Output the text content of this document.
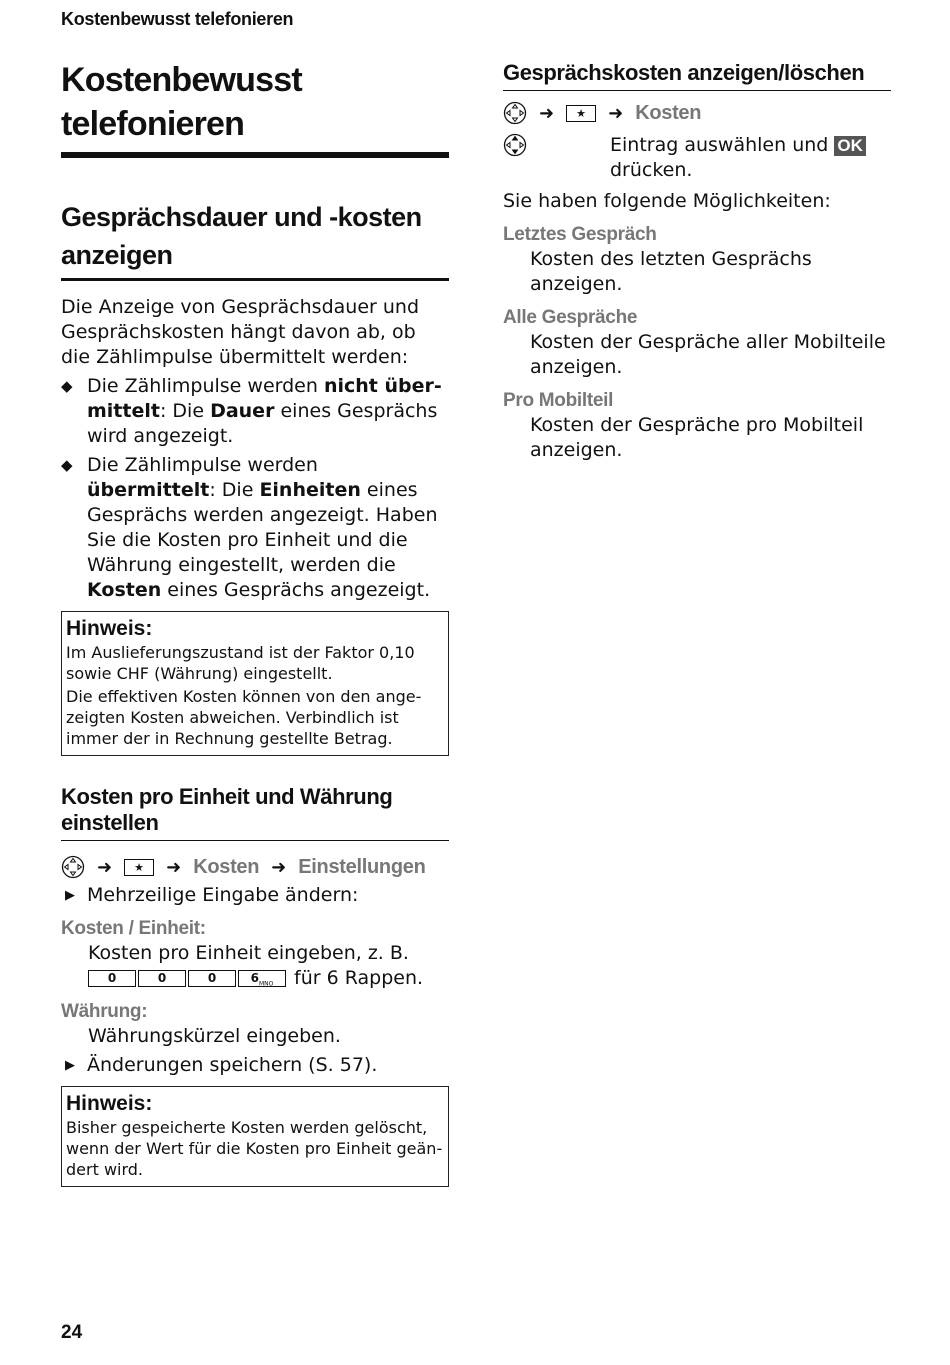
Kostenbewusst telefonieren
Kostenbewusst telefonieren
Gesprächsdauer und -kosten anzeigen

Die Anzeige von Gesprächsdauer und Gesprächskosten hängt davon ab, ob die Zählimpulse übermittelt werden:

◆ Die Zählimpulse werden nicht übermittelt: Die Dauer eines Gesprächs wird angezeigt.
◆ Die Zählimpulse werden übermittelt: Die Einheiten eines Gesprächs werden angezeigt. Haben Sie die Kosten pro Einheit und die Währung eingestellt, werden die Kosten eines Gesprächs angezeigt.
Hinweis:

Im Auslieferungszustand ist der Faktor 0,10 sowie CHF (Währung) eingestellt.

Die effektiven Kosten können von den angezeigten Kosten abweichen. Verbindlich ist immer der in Rechnung gestellte Betrag.

Kosten pro Einheit und Währung einstellen
➜	★	➜ Kosten ➜ Einstellungen
▶ Mehrzeilige Eingabe ändern:
Kosten / Einheit:

Kosten pro Einheit eingeben, z. B.

0	0	0	$6_{MNO}$ für 6 Rappen.

Währung:

Währungskürzel eingeben.

▶ Änderungen speichern (S. 57).
Hinweis:

Bisher gespeicherte Kosten werden gelöscht, wenn der Wert für die Kosten pro Einheit geändert wird.

Gesprächskosten anzeigen/löschen
➜	★	➜ Kosten

Eintrag auswählen und OK
drücken.

Sie haben folgende Möglichkeiten:

Letztes Gespräch

Kosten des letzten Gesprächs anzeigen.

Alle Gespräche

Kosten der Gespräche aller Mobilteile anzeigen.

Pro Mobilteil

Kosten der Gespräche pro Mobilteil anzeigen.

24
